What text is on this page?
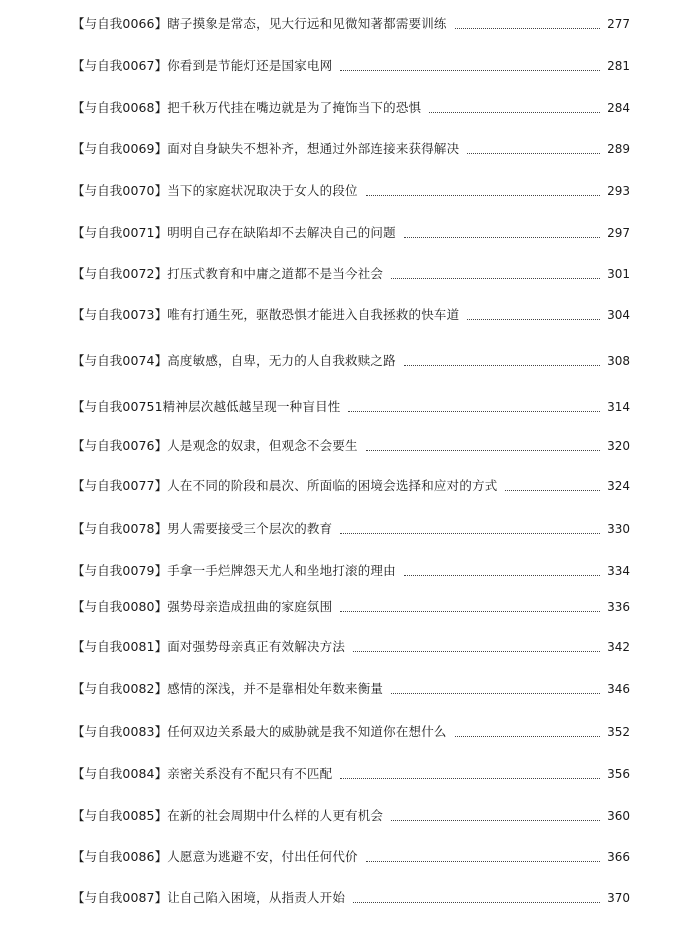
【与自我0066】 瞎子摸象是常态，见大行远和见微知著都需要训练	277
【与自我0067】 你看到是节能灯还是国家电网	281
【与自我0068】 把千秋万代挂在嘴边就是为了掩饰当下的恐惧	284
【与自我0069】 面对自身缺失不想补齐，想通过外部连接来获得解决	289
【与自我0070】 当下的家庭状况取决于女人的段位	293
【与自我0071】 明明自己存在缺陷却不去解决自己的问题	297
【与自我0072】 打压式教育和中庸之道都不是当今社会	301
【与自我0073】 唯有打通生死，驱散恐惧才能进入自我拯救的快车道	304
【与自我0074】 高度敏感，自卑，无力的人自我救赎之路	308
【与自我00751 精神层次越低越呈现一种盲目性	314
【与自我0076】 人是观念的奴隶，但观念不会要生	320
【与自我0077】 人在不同的阶段和晨次、所面临的困境会选择和应对的方式	324
【与自我0078】 男人需要接受三个层次的教育	330
【与自我0079】 手拿一手烂牌怨天尤人和坐地打滚的理由	334
【与自我0080】 强势母亲造成扭曲的家庭氛围	336
【与自我0081】 面对强势母亲真正有效解决方法	342
【与自我0082】 感情的深浅，并不是靠相处年数来衡量	346
【与自我0083】 任何双边关系最大的威胁就是我不知道你在想什么	352
【与自我0084】 亲密关系没有不配只有不匹配	356
【与自我0085】 在新的社会周期中什么样的人更有机会	360
【与自我0086】 人愿意为逃避不安，付出任何代价	366
【与自我0087】 让自己陷入困境，从指责人开始	370
